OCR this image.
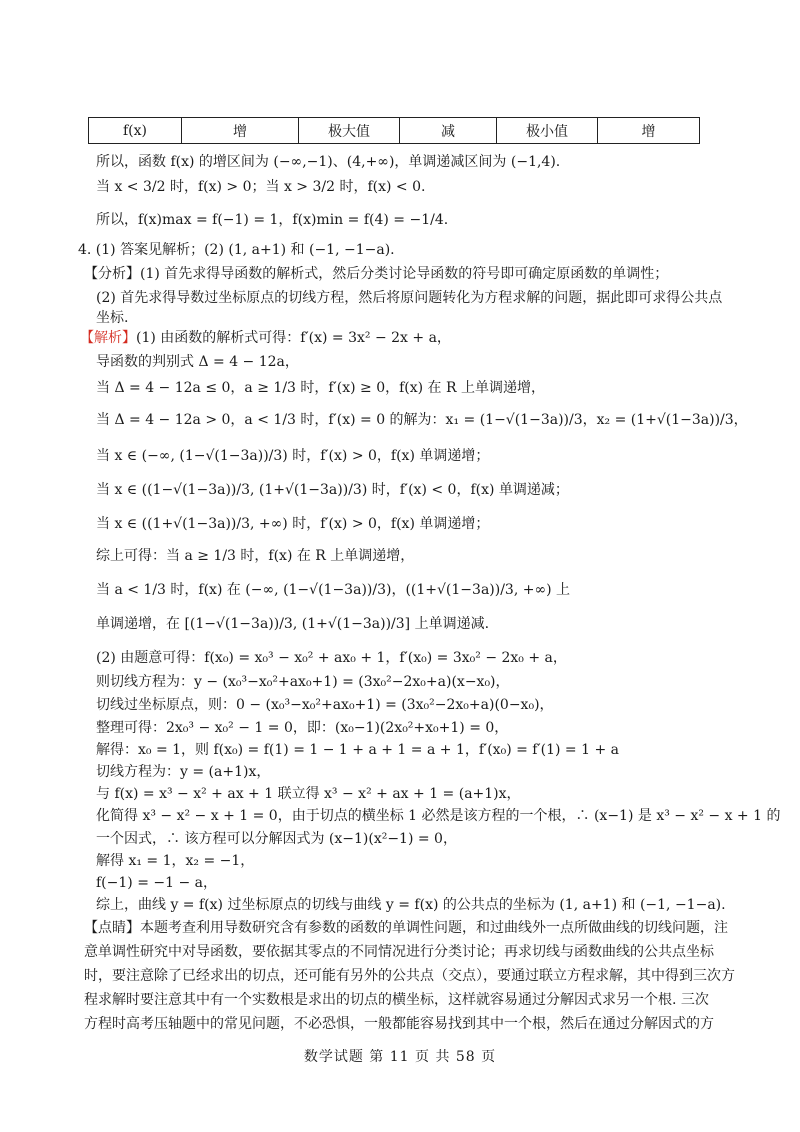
f(x)	增	极大值	减	极小值	增
所以，函数 f(x) 的增区间为 (−∞,−1)、(4,+∞)，单调递减区间为 (−1,4).
当 x < 3/2 时，f(x) > 0；当 x > 3/2 时，f(x) < 0.
所以，f(x)max = f(−1) = 1，f(x)min = f(4) = −1/4.
4. (1) 答案见解析；(2) (1, a+1) 和 (−1, −1−a).
【分析】(1) 首先求得导函数的解析式，然后分类讨论导函数的符号即可确定原函数的单调性；
(2) 首先求得导数过坐标原点的切线方程，然后将原问题转化为方程求解的问题，据此即可求得公共点
坐标.
【解析】(1) 由函数的解析式可得：f′(x) = 3x² − 2x + a，
导函数的判别式 Δ = 4 − 12a，
当 Δ = 4 − 12a ≤ 0，a ≥ 1/3 时，f′(x) ≥ 0，f(x) 在 R 上单调递增，
当 Δ = 4 − 12a > 0，a < 1/3 时，f′(x) = 0 的解为：x₁ = (1−√(1−3a))/3，x₂ = (1+√(1−3a))/3，
当 x ∈ (−∞, (1−√(1−3a))/3) 时，f′(x) > 0，f(x) 单调递增；
当 x ∈ ((1−√(1−3a))/3, (1+√(1−3a))/3) 时，f′(x) < 0，f(x) 单调递减；
当 x ∈ ((1+√(1−3a))/3, +∞) 时，f′(x) > 0，f(x) 单调递增；
综上可得：当 a ≥ 1/3 时，f(x) 在 R 上单调递增，
当 a < 1/3 时，f(x) 在 (−∞, (1−√(1−3a))/3)，((1+√(1−3a))/3, +∞) 上
单调递增，在 [(1−√(1−3a))/3, (1+√(1−3a))/3] 上单调递减.
(2) 由题意可得：f(x₀) = x₀³ − x₀² + ax₀ + 1，f′(x₀) = 3x₀² − 2x₀ + a，
则切线方程为：y − (x₀³−x₀²+ax₀+1) = (3x₀²−2x₀+a)(x−x₀)，
切线过坐标原点，则：0 − (x₀³−x₀²+ax₀+1) = (3x₀²−2x₀+a)(0−x₀)，
整理可得：2x₀³ − x₀² − 1 = 0，即：(x₀−1)(2x₀²+x₀+1) = 0，
解得：x₀ = 1，则 f(x₀) = f(1) = 1 − 1 + a + 1 = a + 1，f′(x₀) = f′(1) = 1 + a
切线方程为：y = (a+1)x，
与 f(x) = x³ − x² + ax + 1 联立得 x³ − x² + ax + 1 = (a+1)x，
化简得 x³ − x² − x + 1 = 0，由于切点的横坐标 1 必然是该方程的一个根，∴ (x−1) 是 x³ − x² − x + 1 的
一个因式，∴ 该方程可以分解因式为 (x−1)(x²−1) = 0，
解得 x₁ = 1，x₂ = −1，
f(−1) = −1 − a，
综上，曲线 y = f(x) 过坐标原点的切线与曲线 y = f(x) 的公共点的坐标为 (1, a+1) 和 (−1, −1−a).
【点睛】本题考查利用导数研究含有参数的函数的单调性问题，和过曲线外一点所做曲线的切线问题，注
意单调性研究中对导函数，要依据其零点的不同情况进行分类讨论；再求切线与函数曲线的公共点坐标
时，要注意除了已经求出的切点，还可能有另外的公共点（交点），要通过联立方程求解，其中得到三次方
程求解时要注意其中有一个实数根是求出的切点的横坐标，这样就容易通过分解因式求另一个根. 三次
方程时高考压轴题中的常见问题，不必恐惧，一般都能容易找到其中一个根，然后在通过分解因式的方
数学试题 第 11 页 共 58 页
